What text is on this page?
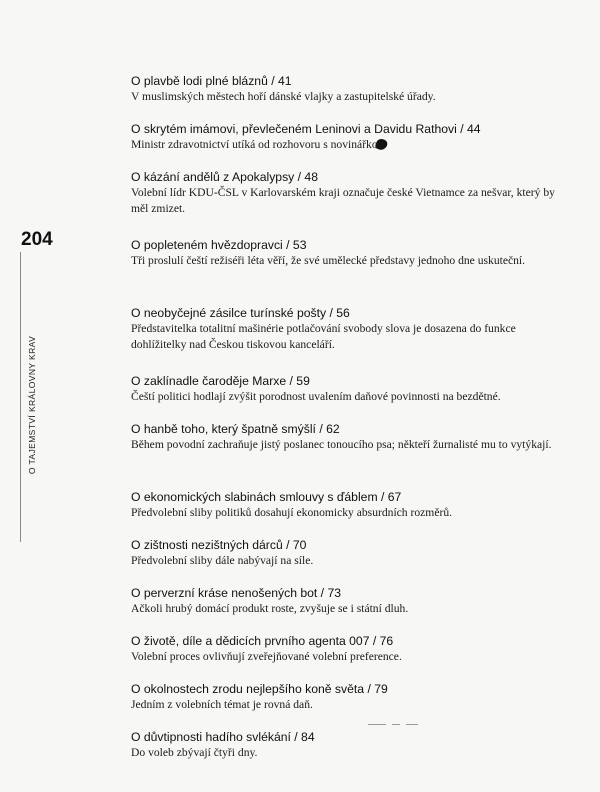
204
O TAJEMSTVÍ KRÁLOVNY KRAV
O plavbě lodi plné bláznů / 41
V muslimských městech hoří dánské vlajky a zastupitelské úřady.
O skrytém imámovi, převlečeném Leninovi a Davidu Rathovi / 44
Ministr zdravotnictví utíká od rozhovoru s novinářkou.
O kázání andělů z Apokalypsy / 48
Volební lídr KDU-ČSL v Karlovarském kraji označuje české Vietnamce za nešvar, který by měl zmizet.
O popleteném hvězdopravci / 53
Tři proslulí čeští režiséři léta věří, že své umělecké představy jednoho dne uskuteční.
O neobyčejné zásilce turínské pošty / 56
Představitelka totalitní mašinérie potlačování svobody slova je dosazena do funkce dohlížitelky nad Českou tiskovou kanceláří.
O zaklínadle čaroděje Marxe / 59
Čeští politici hodlají zvýšit porodnost uvalením daňové povinnosti na bezdětné.
O hanbě toho, který špatně smýšlí / 62
Během povodní zachraňuje jistý poslanec tonoucího psa; někteří žurnalisté mu to vytýkají.
O ekonomických slabinách smlouvy s ďáblem / 67
Předvolební sliby politiků dosahují ekonomicky absurdních rozměrů.
O zištnosti nezištných dárců / 70
Předvolební sliby dále nabývají na síle.
O perverzní kráse nenošených bot / 73
Ačkoli hrubý domácí produkt roste, zvyšuje se i státní dluh.
O životě, díle a dědicích prvního agenta 007 / 76
Volební proces ovlivňují zveřejňované volební preference.
O okolnostech zrodu nejlepšího koně světa / 79
Jedním z volebních témat je rovná daň.
O důvtipnosti hadího svlékání / 84
Do voleb zbývají čtyři dny.
